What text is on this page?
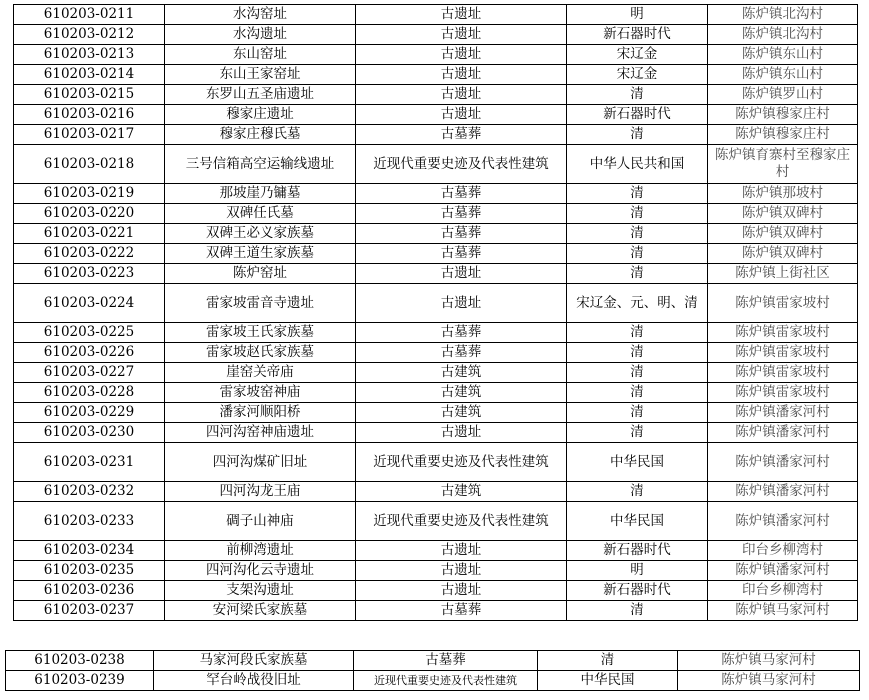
610203-0211	水沟窑址	古遗址	明	陈炉镇北沟村
610203-0212	水沟遗址	古遗址	新石器时代	陈炉镇北沟村
610203-0213	东山窑址	古遗址	宋辽金	陈炉镇东山村
610203-0214	东山王家窑址	古遗址	宋辽金	陈炉镇东山村
610203-0215	东罗山五圣庙遗址	古遗址	清	陈炉镇罗山村
610203-0216	穆家庄遗址	古遗址	新石器时代	陈炉镇穆家庄村
610203-0217	穆家庄穆氏墓	古墓葬	清	陈炉镇穆家庄村
610203-0218	三号信箱高空运输线遗址	近现代重要史迹及代表性建筑	中华人民共和国	陈炉镇育寨村至穆家庄村
610203-0219	那坡崖乃镛墓	古墓葬	清	陈炉镇那坡村
610203-0220	双碑任氏墓	古墓葬	清	陈炉镇双碑村
610203-0221	双碑王必义家族墓	古墓葬	清	陈炉镇双碑村
610203-0222	双碑王道生家族墓	古墓葬	清	陈炉镇双碑村
610203-0223	陈炉窑址	古遗址	清	陈炉镇上街社区
610203-0224	雷家坡雷音寺遗址	古遗址	宋辽金、元、明、清	陈炉镇雷家坡村
610203-0225	雷家坡王氏家族墓	古墓葬	清	陈炉镇雷家坡村
610203-0226	雷家坡赵氏家族墓	古墓葬	清	陈炉镇雷家坡村
610203-0227	崖窑关帝庙	古建筑	清	陈炉镇雷家坡村
610203-0228	雷家坡窑神庙	古建筑	清	陈炉镇雷家坡村
610203-0229	潘家河顺阳桥	古建筑	清	陈炉镇潘家河村
610203-0230	四河沟窑神庙遗址	古遗址	清	陈炉镇潘家河村
610203-0231	四河沟煤矿旧址	近现代重要史迹及代表性建筑	中华民国	陈炉镇潘家河村
610203-0232	四河沟龙王庙	古建筑	清	陈炉镇潘家河村
610203-0233	碉子山神庙	近现代重要史迹及代表性建筑	中华民国	陈炉镇潘家河村
610203-0234	前柳湾遗址	古遗址	新石器时代	印台乡柳湾村
610203-0235	四河沟化云寺遗址	古遗址	明	陈炉镇潘家河村
610203-0236	支架沟遗址	古遗址	新石器时代	印台乡柳湾村
610203-0237	安河梁氏家族墓	古墓葬	清	陈炉镇马家河村
610203-0238	马家河段氏家族墓	古墓葬	清	陈炉镇马家河村
610203-0239	罕台岭战役旧址	近现代重要史迹及代表性建筑	中华民国	陈炉镇马家河村
